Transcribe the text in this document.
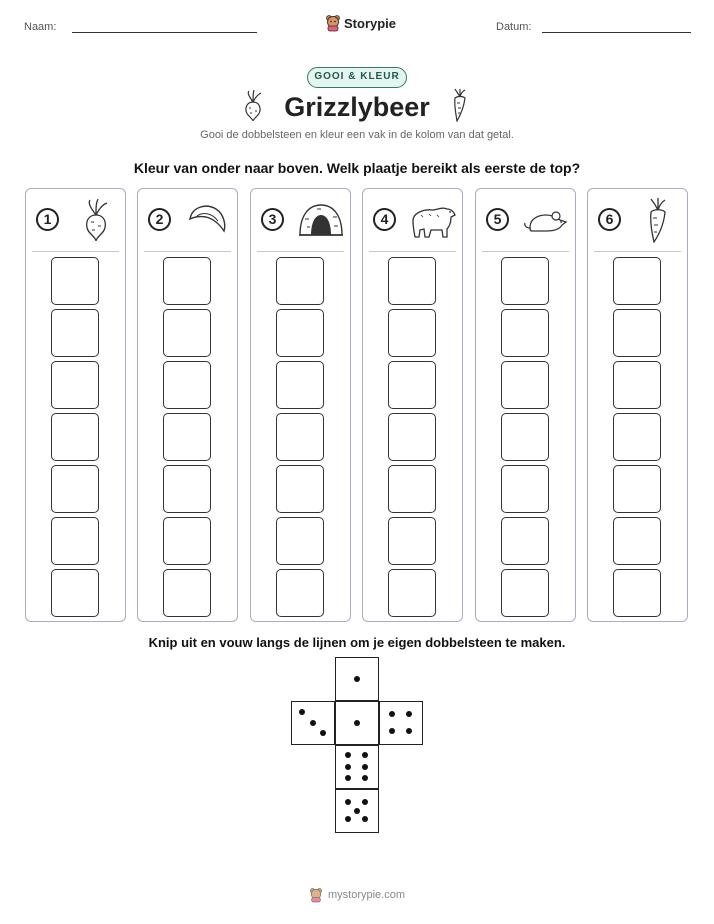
Naam:	Storypie	Datum:
GOOI & KLEUR
Grizzlybeer
Gooi de dobbelsteen en kleur een vak in de kolom van dat getal.
Kleur van onder naar boven. Welk plaatje bereikt als eerste de top?
1	2	3	4	5	6
Knip uit en vouw langs de lijnen om je eigen dobbelsteen te maken.
mystorypie.com
